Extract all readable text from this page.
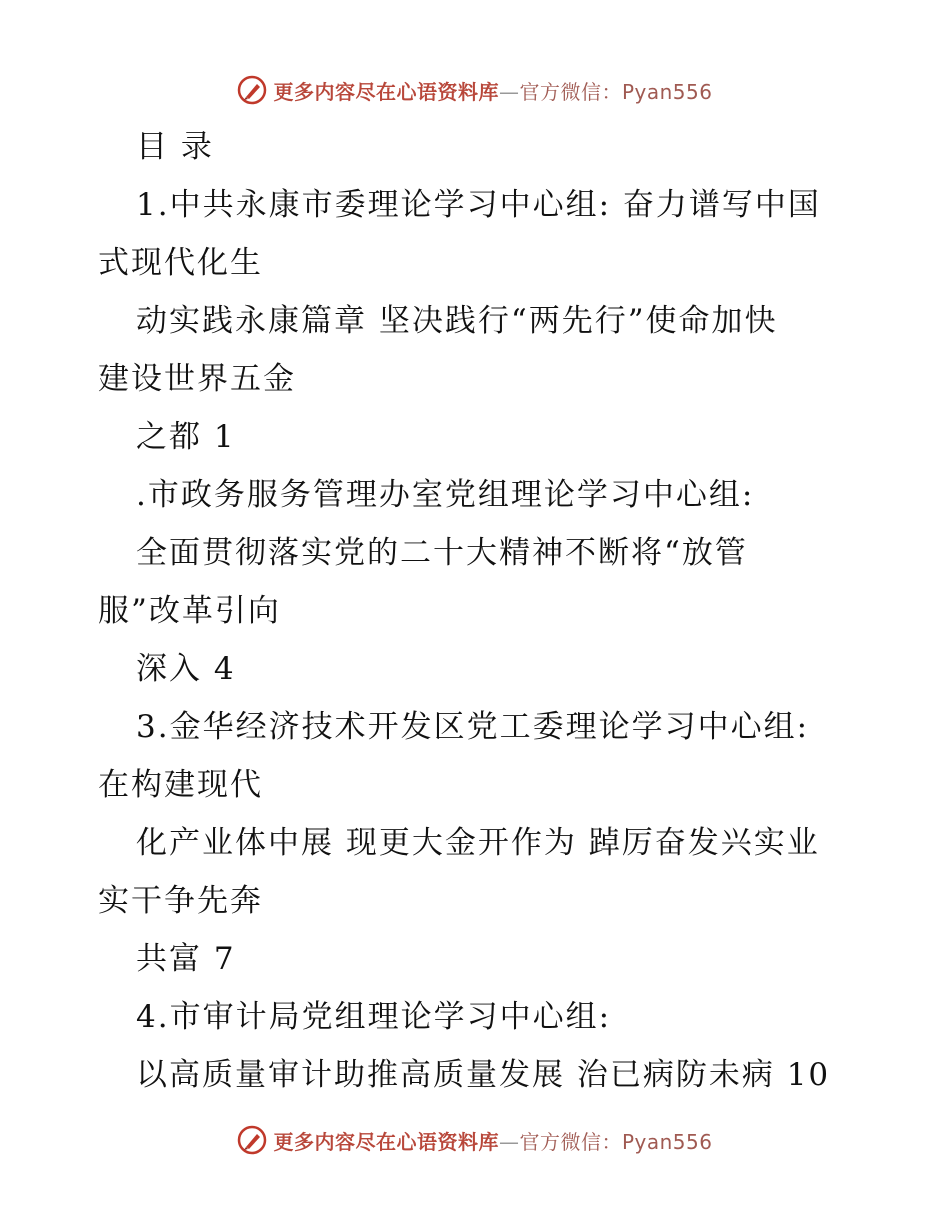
更多内容尽在心语资料库—官方微信：Pyan556
目 录
1.中共永康市委理论学习中心组: 奋力谱写中国
式现代化生
动实践永康篇章 坚决践行“两先行”使命加快
建设世界五金
之都 1
.市政务服务管理办室党组理论学习中心组:
全面贯彻落实党的二十大精神不断将“放管
服”改革引向
深入 4
3.金华经济技术开发区党工委理论学习中心组:
在构建现代
化产业体中展 现更大金开作为 踔厉奋发兴实业
实干争先奔
共富 7
4.市审计局党组理论学习中心组:
以高质量审计助推高质量发展 治已病防未病 10
更多内容尽在心语资料库—官方微信：Pyan556
